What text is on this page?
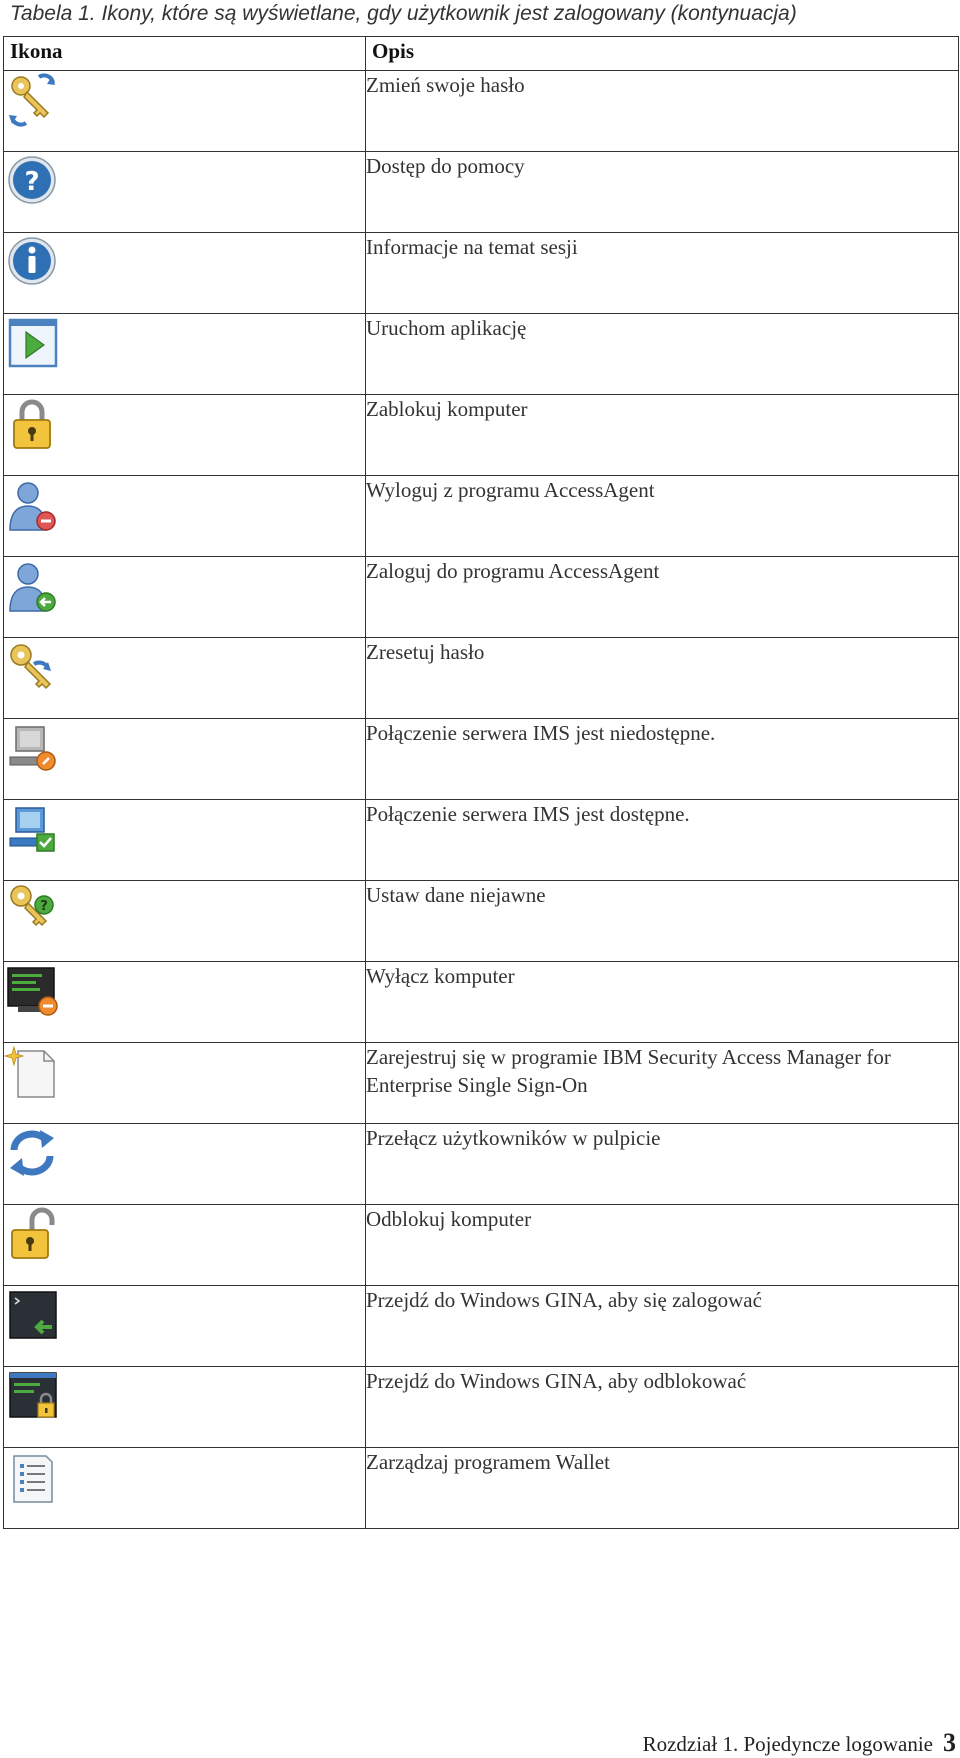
Tabela 1. Ikony, które są wyświetlane, gdy użytkownik jest zalogowany (kontynuacja)
Ikona	Opis

	Zmień swoje hasło

?	Dostęp do pomocy

	Informacje na temat sesji

	Uruchom aplikację

	Zablokuj komputer

	Wyloguj z programu AccessAgent

	Zaloguj do programu AccessAgent

	Zresetuj hasło

	Połączenie serwera IMS jest niedostępne.

	Połączenie serwera IMS jest dostępne.

?	Ustaw dane niejawne

	Wyłącz komputer

	Zarejestruj się w programie IBM Security Access Manager for Enterprise Single Sign-On

	Przełącz użytkowników w pulpicie

	Odblokuj komputer

	Przejdź do Windows GINA, aby się zalogować

	Przejdź do Windows GINA, aby odblokować

	Zarządzaj programem Wallet
Rozdział 1. Pojedyncze logowanie 3
